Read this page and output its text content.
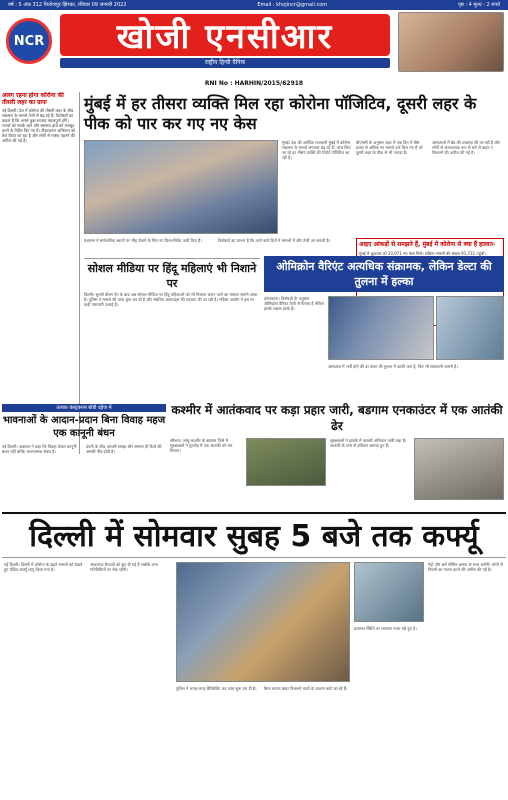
वर्ष : 5 अंक 312 फिरोजपुर झिरका, रविवार 09 जनवरी 2022	Email : khojincr@gmail.com	पृष्ठ : 4 मूल्य : 2 रुपये
NCR	खोजी एनसीआर
राष्ट्रीय हिन्दी दैनिक
RNI No : HARHIN/2015/62918
अलग रहना होगा कोरोना की तीसरी लहर का ग्राफ

नई दिल्ली। देश में कोरोना की तीसरी लहर के बीच संक्रमण के मामले तेजी से बढ़ रहे हैं। विशेषज्ञों का कहना है कि अगले कुछ सप्ताह महत्वपूर्ण होंगे। राज्यों को सतर्क रहने और स्वास्थ्य ढांचे को मजबूत करने के निर्देश दिए गए हैं। टीकाकरण अभियान को तेज किया जा रहा है और लोगों से मास्क पहनने की अपील की गई है।

मुंबई में हर तीसरा व्यक्ति मिल रहा कोरोना पॉजिटिव, दूसरी लहर के पीक को पार कर गए नए केस
मुंबई। देश की आर्थिक राजधानी मुंबई में कोरोना संक्रमण के मामले लगातार बढ़ रहे हैं। जांच किए जा रहे हर तीसरे व्यक्ति की रिपोर्ट पॉजिटिव आ रही है।
बीएमसी के अनुसार शहर में एक दिन में बीस हजार से अधिक नए मामले दर्ज किए गए हैं जो दूसरी लहर के पीक से भी ज्यादा हैं।
अस्पतालों में बेड की व्यवस्था की जा रही है और लोगों से अनावश्यक रूप से घरों से बाहर न निकलने की अपील की गई है।
प्रशासन ने सार्वजनिक स्थानों पर भीड़ रोकने के लिए नए दिशा-निर्देश जारी किए हैं।	विशेषज्ञों का मानना है कि आने वाले दिनों में मामलों में और तेजी आ सकती है।
आइए आंकड़ों से समझते हैं, मुंबई में कोरोना से क्या हैं हालात-
मुंबई में शुक्रवार को 20,971 नए केस मिले। सक्रिय मामलों की संख्या 91,731 पहुंची।
सोशल मीडिया पर हिंदू महिलाएं भी निशाने पर
दिल्ली। सुल्ली डील्स ऐप के बाद अब सोशल मीडिया पर हिंदू महिलाओं को भी निशाना बनाए जाने का मामला सामने आया है। पुलिस ने मामले की जांच शुरू कर दी है और संबंधित अकाउंट्स की पहचान की जा रही है। महिला आयोग ने इस पर कड़ी नाराजगी जताई है।
ओमिक्रोन वैरिएंट अत्यधिक संक्रामक, लेकिन डेल्टा की तुलना में हल्का
कोलकाता। विशेषज्ञों के अनुसार ओमिक्रोन वैरिएंट तेजी से फैलता है लेकिन इसके लक्षण हल्के हैं।
अस्पताल में भर्ती होने की दर डेल्टा की तुलना में काफी कम है, फिर भी सावधानी जरूरी है।
तलाक कंस्ट्रक्शन बॉडी दहेज में
भावनाओं के आदान-प्रदान बिना विवाह महज एक कानूनी बंधन
नई दिल्ली। अदालत ने कहा कि विवाह केवल कानूनी बंधन नहीं बल्कि भावनात्मक संबंध है।
दंपती के बीच आपसी समझ और सम्मान ही रिश्ते की असली नींव होती है।
कश्मीर में आतंकवाद पर कड़ा प्रहार जारी, बडगाम एनकाउंटर में एक आतंकी ढेर
श्रीनगर। जम्मू-कश्मीर के बडगाम जिले में सुरक्षाबलों ने मुठभेड़ में एक आतंकी को मार गिराया।
सुरक्षाबलों ने इलाके में तलाशी अभियान जारी रखा है। आतंकी के पास से हथियार बरामद हुए हैं।
दिल्ली में सोमवार सुबह 5 बजे तक कर्फ्यू
नई दिल्ली। दिल्ली में कोरोना के बढ़ते मामलों को देखते हुए वीकेंड कर्फ्यू लागू किया गया है।
आवश्यक सेवाओं को छूट दी गई है जबकि अन्य गतिविधियों पर रोक रहेगी।
पुलिस ने जगह-जगह बैरिकेडिंग कर जांच शुरू कर दी है।	बिना कारण बाहर निकलने वालों के चालान काटे जा रहे हैं।
प्रशासन स्थिति पर लगातार नजर रखे हुए है।
मेट्रो और बसें सीमित क्षमता के साथ चलेंगी। लोगों से नियमों का पालन करने की अपील की गई है।
